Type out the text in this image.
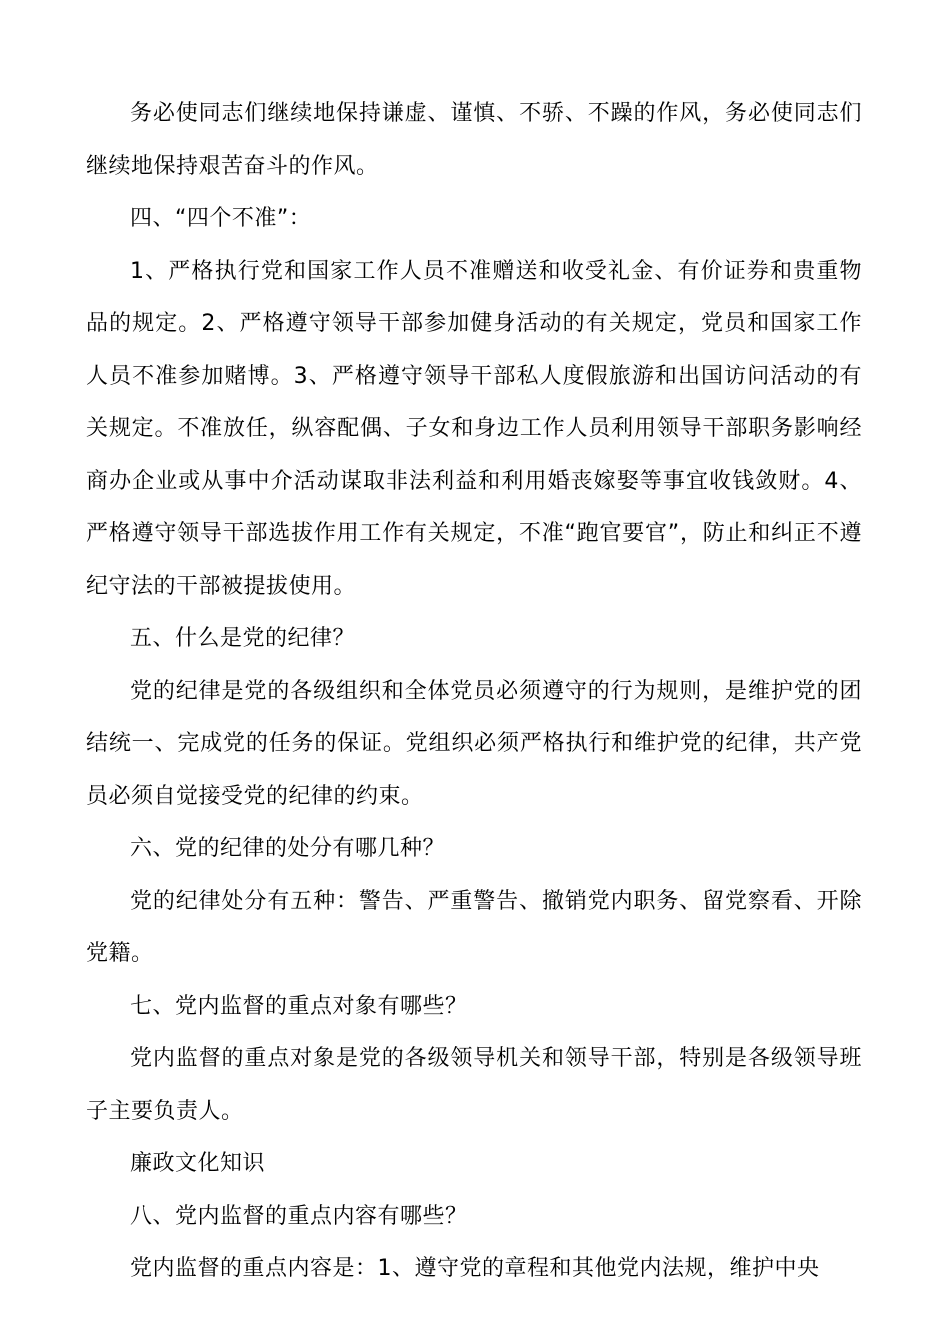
务必使同志们继续地保持谦虚、谨慎、不骄、不躁的作风，务必使同志们继续地保持艰苦奋斗的作风。

四、“四个不准”：

1、严格执行党和国家工作人员不准赠送和收受礼金、有价证券和贵重物品的规定。2、严格遵守领导干部参加健身活动的有关规定，党员和国家工作人员不准参加赌博。3、严格遵守领导干部私人度假旅游和出国访问活动的有关规定。不准放任，纵容配偶、子女和身边工作人员利用领导干部职务影响经商办企业或从事中介活动谋取非法利益和利用婚丧嫁娶等事宜收钱敛财。4、严格遵守领导干部选拔作用工作有关规定，不准“跑官要官”，防止和纠正不遵纪守法的干部被提拔使用。

五、什么是党的纪律？

党的纪律是党的各级组织和全体党员必须遵守的行为规则，是维护党的团结统一、完成党的任务的保证。党组织必须严格执行和维护党的纪律，共产党员必须自觉接受党的纪律的约束。

六、党的纪律的处分有哪几种？

党的纪律处分有五种：警告、严重警告、撤销党内职务、留党察看、开除党籍。

七、党内监督的重点对象有哪些？

党内监督的重点对象是党的各级领导机关和领导干部，特别是各级领导班子主要负责人。

廉政文化知识

八、党内监督的重点内容有哪些？

党内监督的重点内容是：1、遵守党的章程和其他党内法规，维护中央
